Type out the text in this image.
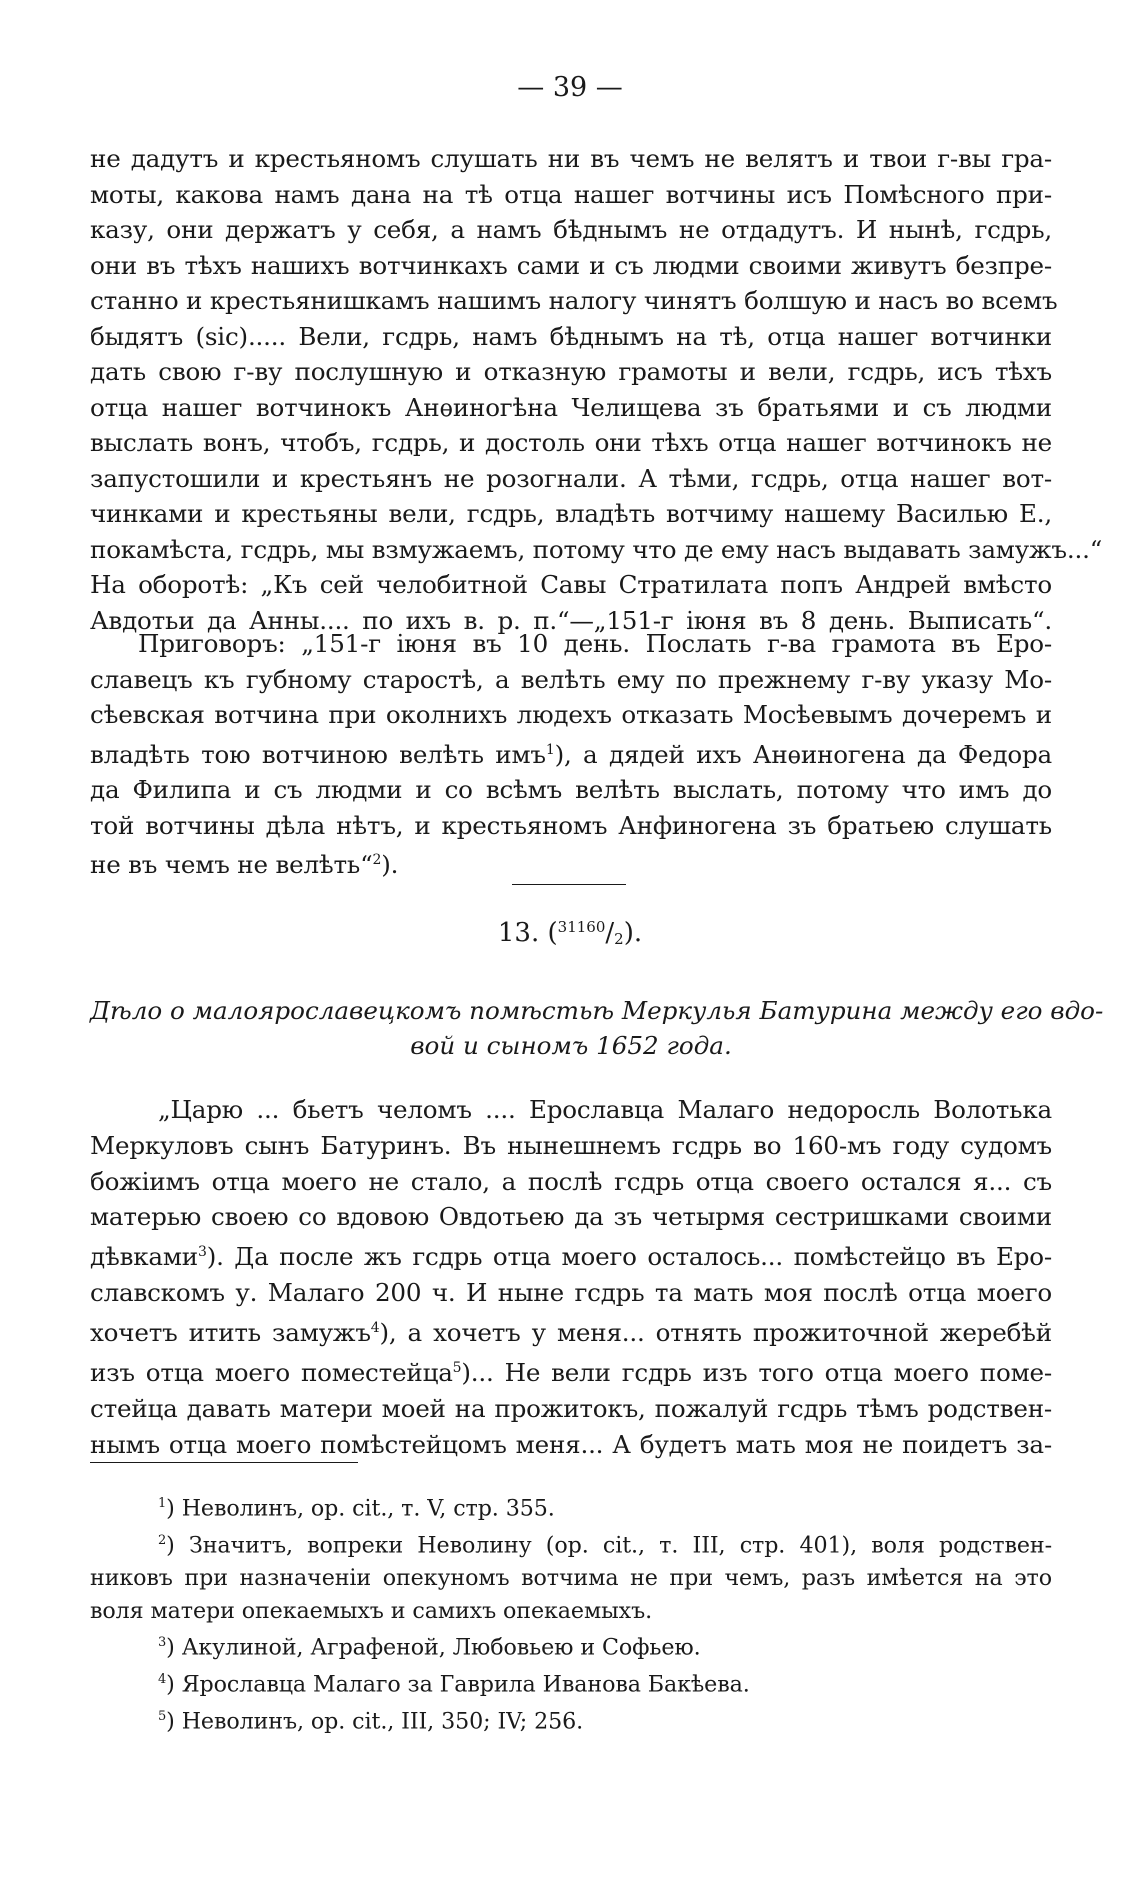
— 39 —
не дадутъ и крестьяномъ слушать ни въ чемъ не велятъ и твои г-вы гра-
моты, какова намъ дана на тѣ отца нашег вотчины исъ Помѣсного при-
казу, они держатъ у себя, а намъ бѣднымъ не отдадутъ. И нынѣ, гсдрь,
они въ тѣхъ нашихъ вотчинкахъ сами и съ людми своими живутъ безпре-
станно и крестьянишкамъ нашимъ налогу чинятъ болшую и насъ во всемъ
быдятъ (sic)..... Вели, гсдрь, намъ бѣднымъ на тѣ, отца нашег вотчинки
дать свою г-ву послушную и отказную грамоты и вели, гсдрь, исъ тѣхъ
отца нашег вотчинокъ Анѳиногѣна Челищева зъ братьями и съ людми
выслать вонъ, чтобъ, гсдрь, и достоль они тѣхъ отца нашег вотчинокъ не
запустошили и крестьянъ не розогнали. А тѣми, гсдрь, отца нашег вот-
чинками и крестьяны вели, гсдрь, владѣть вотчиму нашему Василью Е.,
покамѣста, гсдрь, мы взмужаемъ, потому что де ему насъ выдавать замужъ...“
На оборотѣ: „Къ сей челобитной Савы Стратилата попъ Андрей вмѣсто
Авдотьи да Анны.... по ихъ в. р. п.“—„151-г іюня въ 8 день. Выписать“.
Приговоръ: „151-г іюня въ 10 день. Послать г-ва грамота въ Еро-
славецъ къ губному старостѣ, а велѣть ему по прежнему г-ву указу Мо-
сѣевская вотчина при околнихъ людехъ отказать Мосѣевымъ дочеремъ и
владѣть тою вотчиною велѣть имъ$^1$), а дядей ихъ Анѳиногена да Федора
да Филипа и съ людми и со всѣмъ велѣть выслать, потому что имъ до
той вотчины дѣла нѣтъ, и крестьяномъ Анфиногена зъ братьею слушать
не въ чемъ не велѣть“$^2$).
13. ($^{31160}$/2).
Дѣло о малоярославецкомъ помѣстьѣ Меркулья Батурина между его вдо-
вой и сыномъ 1652 года.
„Царю ... бьетъ челомъ .... Ерославца Малаго недоросль Волотька
Меркуловъ сынъ Батуринъ. Въ нынешнемъ гсдрь во 160-мъ году судомъ
божіимъ отца моего не стало, а послѣ гсдрь отца своего остался я... съ
матерью своею со вдовою Овдотьею да зъ четырмя сестришками своими
дѣвками$^3$). Да после жъ гсдрь отца моего осталось... помѣстейцо въ Еро-
славскомъ у. Малаго 200 ч. И ныне гсдрь та мать моя послѣ отца моего
хочетъ итить замужъ$^4$), а хочетъ у меня... отнять прожиточной жеребѣй
изъ отца моего поместейца$^5$)... Не вели гсдрь изъ того отца моего поме-
стейца давать матери моей на прожитокъ, пожалуй гсдрь тѣмъ родствен-
нымъ отца моего помѣстейцомъ меня... А будетъ мать моя не поидетъ за-
$^1$) Неволинъ, op. cit., т. V, стр. 355.
$^2$) Значитъ, вопреки Неволину (op. cit., т. III, стр. 401), воля родствен-
никовъ при назначеніи опекуномъ вотчима не при чемъ, разъ имѣется на это
воля матери опекаемыхъ и самихъ опекаемыхъ.
$^3$) Акулиной, Аграфеной, Любовьею и Софьею.
$^4$) Ярославца Малаго за Гаврила Иванова Бакѣева.
$^5$) Неволинъ, op. cit., III, 350; IV; 256.
